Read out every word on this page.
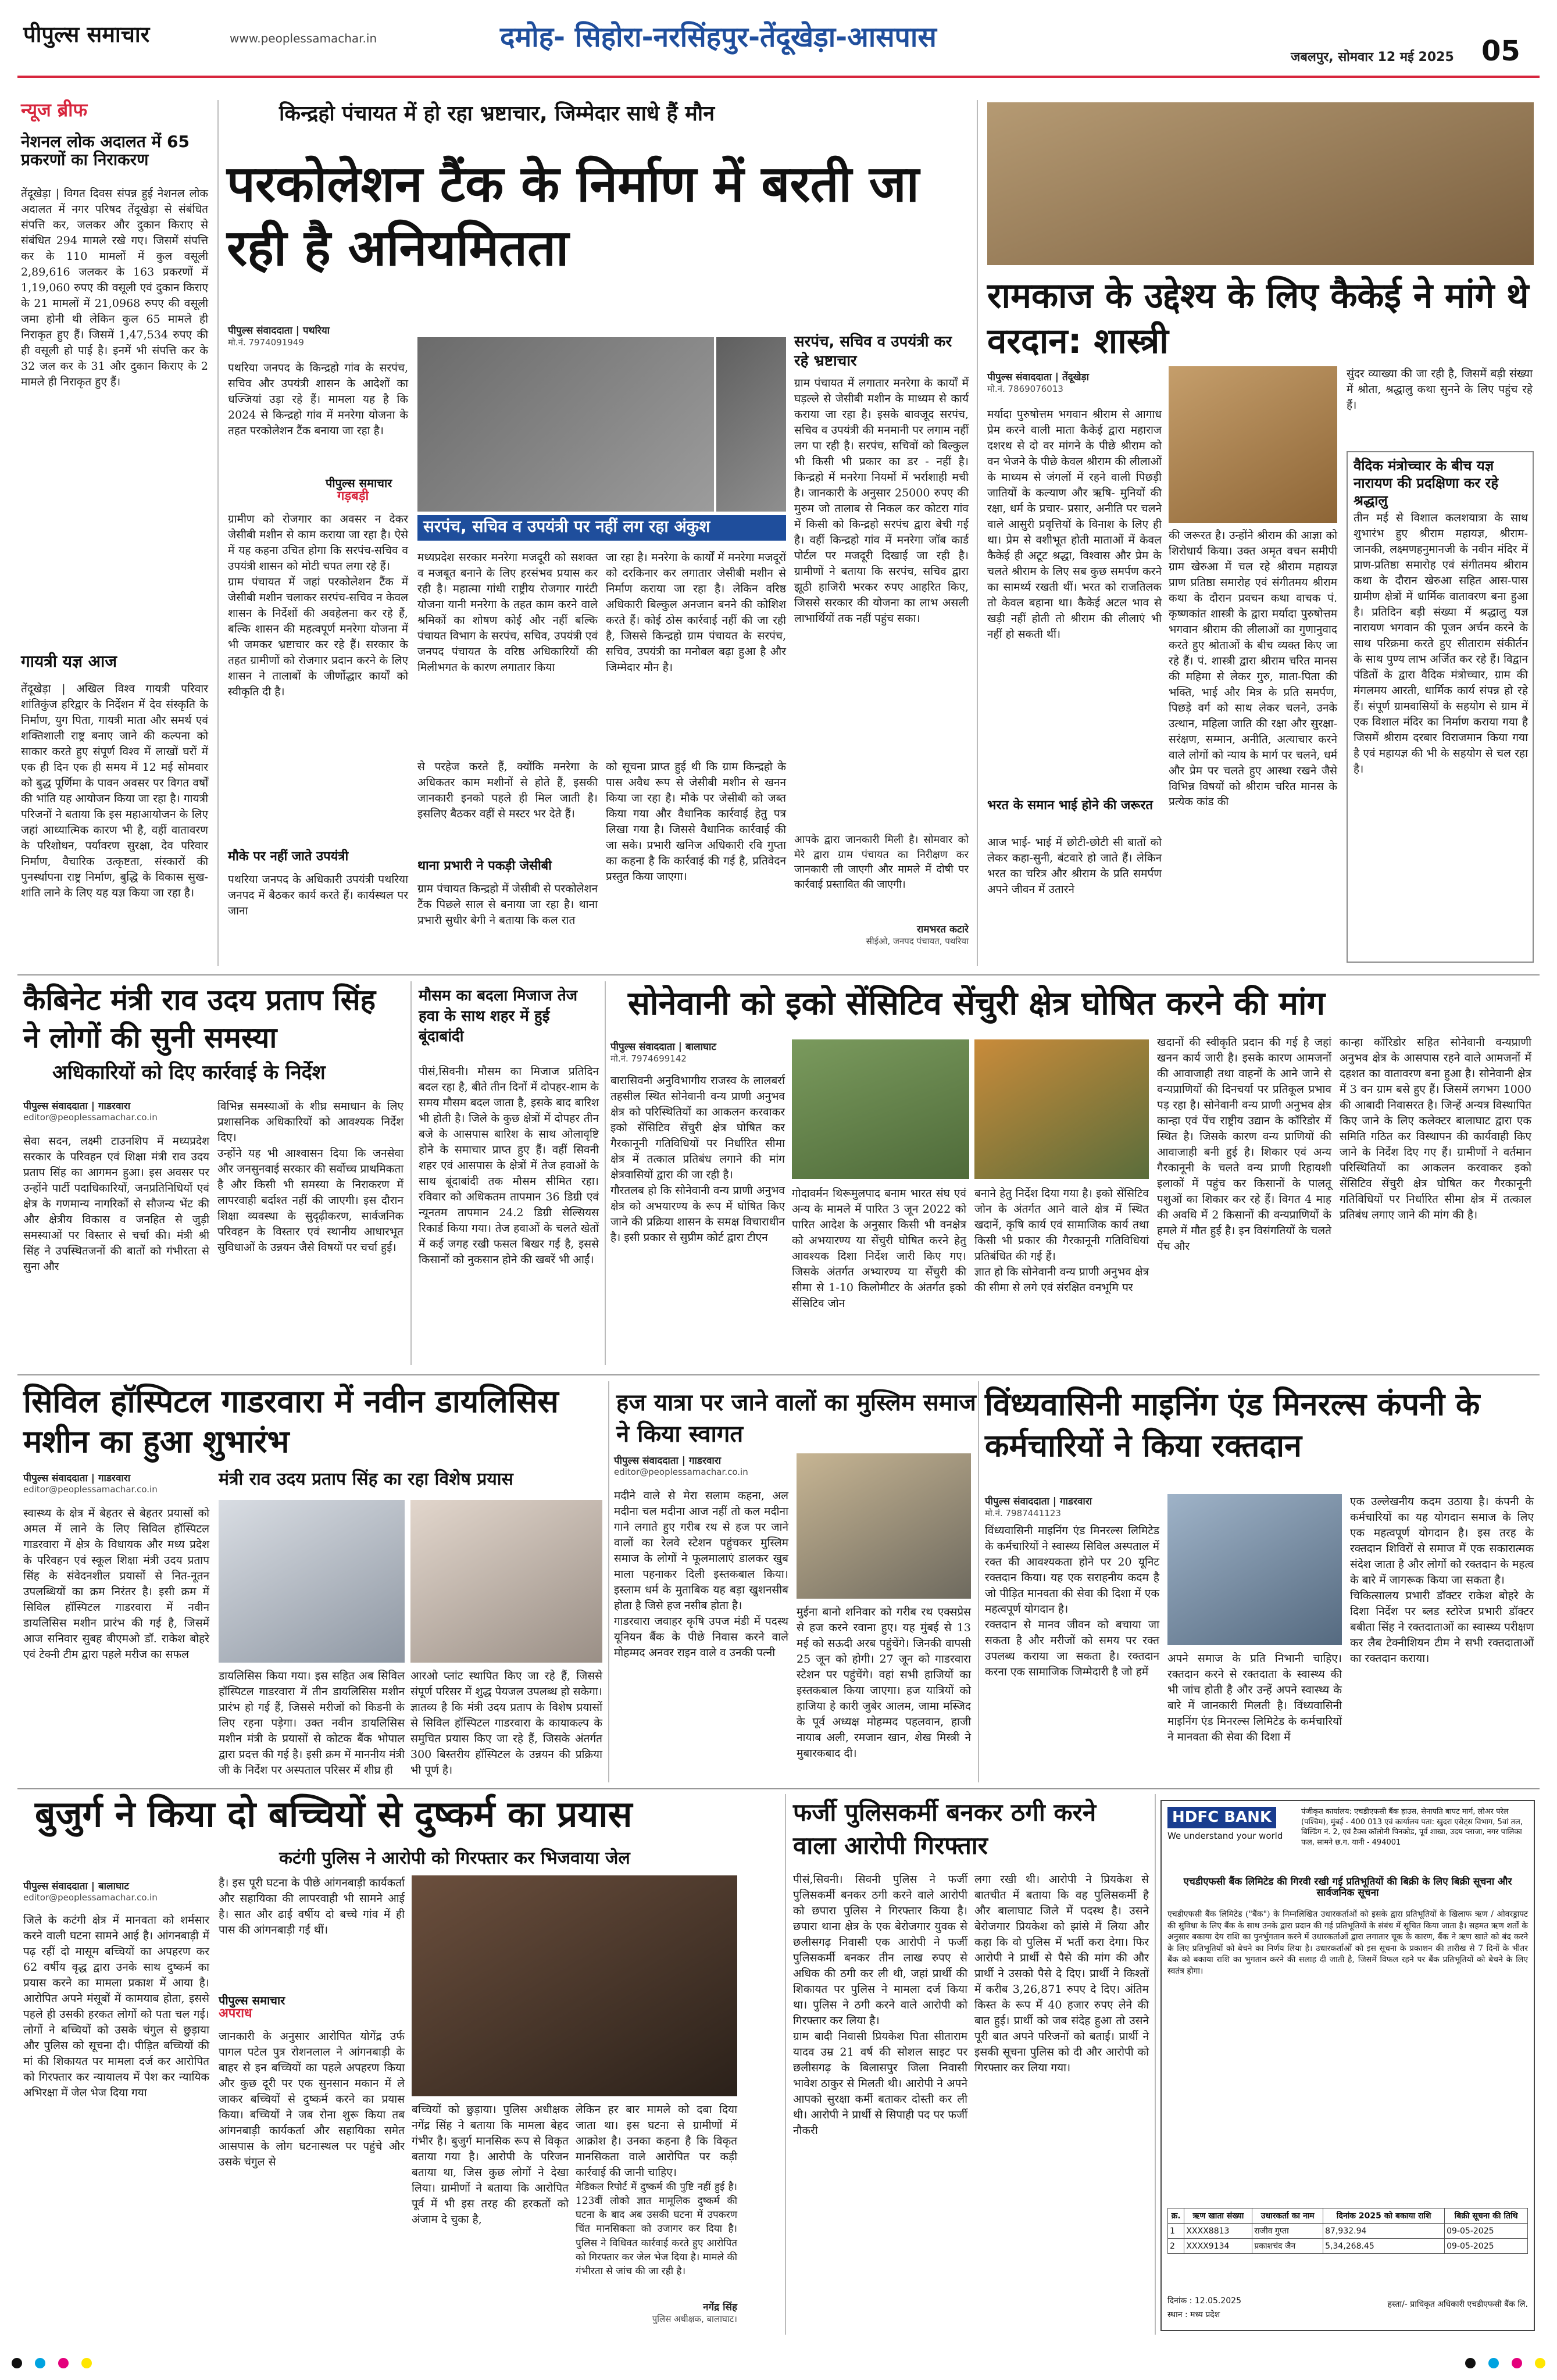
पीपुल्स समाचार	www.peoplessamachar.in	दमोह- सिहोरा-नरसिंहपुर-तेंदूखेड़ा-आसपास
जबलपुर, सोमवार 12 मई 2025 05
न्यूज ब्रीफ
नेशनल लोक अदालत में 65 प्रकरणों का निराकरण
तेंदूखेड़ा | विगत दिवस संपन्न हुई नेशनल लोक अदालत में नगर परिषद तेंदूखेड़ा से संबंधित संपत्ति कर, जलकर और दुकान किराए से संबंधित 294 मामले रखे गए। जिसमें संपत्ति कर के 110 मामलों में कुल वसूली 2,89,616 जलकर के 163 प्रकरणों में 1,19,060 रुपए की वसूली एवं दुकान किराए के 21 मामलों में 21,0968 रुपए की वसूली जमा होनी थी लेकिन कुल 65 मामले ही निराकृत हुए हैं। जिसमें 1,47,534 रुपए की ही वसूली हो पाई है। इनमें भी संपत्ति कर के 32 जल कर के 31 और दुकान किराए के 2 मामले ही निराकृत हुए हैं।
गायत्री यज्ञ आज
तेंदूखेड़ा | अखिल विश्व गायत्री परिवार शांतिकुंज हरिद्वार के निर्देशन में देव संस्कृति के निर्माण, युग पिता, गायत्री माता और समर्थ एवं शक्तिशाली राष्ट्र बनाए जाने की कल्पना को साकार करते हुए संपूर्ण विश्व में लाखों घरों में एक ही दिन एक ही समय में 12 मई सोमवार को बुद्ध पूर्णिमा के पावन अवसर पर विगत वर्षों की भांति यह आयोजन किया जा रहा है। गायत्री परिजनों ने बताया कि इस महाआयोजन के लिए जहां आध्यात्मिक कारण भी है, वहीं वातावरण के परिशोधन, पर्यावरण सुरक्षा, देव परिवार निर्माण, वैचारिक उत्कृष्टता, संस्कारों की पुनर्स्थापना राष्ट्र निर्माण, बुद्धि के विकास सुख- शांति लाने के लिए यह यज्ञ किया जा रहा है।
किन्द्रहो पंचायत में हो रहा भ्रष्टाचार, जिम्मेदार साधे हैं मौन
परकोलेशन टैंक के निर्माण में बरती जा रही है अनियमितता
पीपुल्स संवाददाता | पथरिया
मो.नं. 7974091949
पथरिया जनपद के किन्द्रहो गांव के सरपंच, सचिव और उपयंत्री शासन के आदेशों का धज्जियां उड़ा रहे हैं। मामला यह है कि 2024 से किन्द्रहो गांव में मनरेगा योजना के तहत परकोलेशन टैंक बनाया जा रहा है।
पीपुल्स समाचार
गड़बड़ी
ग्रामीण को रोजगार का अवसर न देकर जेसीबी मशीन से काम कराया जा रहा है। ऐसे में यह कहना उचित होगा कि सरपंच-सचिव व उपयंत्री शासन को मोटी चपत लगा रहे हैं।
ग्राम पंचायत में जहां परकोलेशन टैंक में जेसीबी मशीन चलाकर सरपंच-सचिव न केवल शासन के निर्देशों की अवहेलना कर रहे हैं, बल्कि शासन की महत्वपूर्ण मनरेगा योजना में भी जमकर भ्रष्टाचार कर रहे हैं। सरकार के तहत ग्रामीणों को रोजगार प्रदान करने के लिए शासन ने तालाबों के जीर्णोद्धार कार्यों को स्वीकृति दी है।
मौके पर नहीं जाते उपयंत्री
पथरिया जनपद के अधिकारी उपयंत्री पथरिया जनपद में बैठकर कार्य करते हैं। कार्यस्थल पर जाना
सरपंच, सचिव व उपयंत्री पर नहीं लग रहा अंकुश
मध्यप्रदेश सरकार मनरेगा मजदूरी को सशक्त व मजबूत बनाने के लिए हरसंभव प्रयास कर रही है। महात्मा गांधी राष्ट्रीय रोजगार गारंटी योजना यानी मनरेगा के तहत काम करने वाले श्रमिकों का शोषण कोई और नहीं बल्कि पंचायत विभाग के सरपंच, सचिव, उपयंत्री एवं जनपद पंचायत के वरिष्ठ अधिकारियों की मिलीभगत के कारण लगातार किया
जा रहा है। मनरेगा के कार्यों में मनरेगा मजदूरों को दरकिनार कर लगातार जेसीबी मशीन से निर्माण कराया जा रहा है। लेकिन वरिष्ठ अधिकारी बिल्कुल अनजान बनने की कोशिश करते हैं। कोई ठोस कार्रवाई नहीं की जा रही है, जिससे किन्द्रहो ग्राम पंचायत के सरपंच, सचिव, उपयंत्री का मनोबल बढ़ा हुआ है और जिम्मेदार मौन है।
से परहेज करते हैं, क्योंकि मनरेगा के अधिकतर काम मशीनों से होते हैं, इसकी जानकारी इनको पहले ही मिल जाती है। इसलिए बैठकर वहीं से मस्टर भर देते हैं।
थाना प्रभारी ने पकड़ी जेसीबी
ग्राम पंचायत किन्द्रहो में जेसीबी से परकोलेशन टैंक पिछले साल से बनाया जा रहा है। थाना प्रभारी सुधीर बेगी ने बताया कि कल रात
को सूचना प्राप्त हुई थी कि ग्राम किन्द्रहो के पास अवैध रूप से जेसीबी मशीन से खनन किया जा रहा है। मौके पर जेसीबी को जब्त किया गया और वैधानिक कार्रवाई हेतु पत्र लिखा गया है। जिससे वैधानिक कार्रवाई की जा सके। प्रभारी खनिज अधिकारी रवि गुप्ता का कहना है कि कार्रवाई की गई है, प्रतिवेदन प्रस्तुत किया जाएगा।
सरपंच, सचिव व उपयंत्री कर रहे भ्रष्टाचार
ग्राम पंचायत में लगातार मनरेगा के कार्यों में घड़ल्ले से जेसीबी मशीन के माध्यम से कार्य कराया जा रहा है। इसके बावजूद सरपंच, सचिव व उपयंत्री की मनमानी पर लगाम नहीं लग पा रही है। सरपंच, सचिवों को बिल्कुल भी किसी भी प्रकार का डर - नहीं है। किन्द्रहो में मनरेगा नियमों में भर्राशाही मची है। जानकारी के अनुसार 25000 रुपए की मुरुम जो तालाब से निकल कर कोटरा गांव में किसी को किन्द्रहो सरपंच द्वारा बेची गई है। वहीं किन्द्रहो गांव में मनरेगा जॉब कार्ड पोर्टल पर मजदूरी दिखाई जा रही है। ग्रामीणों ने बताया कि सरपंच, सचिव द्वारा झूठी हाजिरी भरकर रुपए आहरित किए, जिससे सरकार की योजना का लाभ असली लाभार्थियों तक नहीं पहुंच सका।
आपके द्वारा जानकारी मिली है। सोमवार को मेरे द्वारा ग्राम पंचायत का निरीक्षण कर जानकारी ली जाएगी और मामले में दोषी पर कार्रवाई प्रस्तावित की जाएगी।
रामभरत कटारे
सीईओ, जनपद पंचायत, पथरिया
रामकाज के उद्देश्य के लिए कैकेई ने मांगे थे वरदान: शास्त्री
पीपुल्स संवाददाता | तेंदूखेड़ा
मो.नं. 7869076013
मर्यादा पुरुषोत्तम भगवान श्रीराम से आगाध प्रेम करने वाली माता कैकेई द्वारा महाराज दशरथ से दो वर मांगने के पीछे श्रीराम को वन भेजने के पीछे केवल श्रीराम की लीलाओं के माध्यम से जंगलों में रहने वाली पिछड़ी जातियों के कल्याण और ऋषि- मुनियों की रक्षा, धर्म के प्रचार- प्रसार, अनीति पर चलने वाले आसुरी प्रवृत्तियों के विनाश के लिए ही था। प्रेम से वशीभूत होती माताओं में केवल कैकेई ही अटूट श्रद्धा, विश्वास और प्रेम के चलते श्रीराम के लिए सब कुछ समर्पण करने का सामर्थ्य रखती थीं। भरत को राजतिलक तो केवल बहाना था। कैकेई अटल भाव से खड़ी नहीं होती तो श्रीराम की लीलाएं भी नहीं हो सकती थीं।
भरत के समान भाई होने की जरूरत
आज भाई- भाई में छोटी-छोटी सी बातों को लेकर कहा-सुनी, बंटवारे हो जाते हैं। लेकिन भरत का चरित्र और श्रीराम के प्रति समर्पण अपने जीवन में उतारने
की जरूरत है। उन्होंने श्रीराम की आज्ञा को शिरोधार्य किया। उक्त अमृत वचन समीपी ग्राम खेरुआ में चल रहे श्रीराम महायज्ञ प्राण प्रतिष्ठा समारोह एवं संगीतमय श्रीराम कथा के दौरान प्रवचन कथा वाचक पं. कृष्णकांत शास्त्री के द्वारा मर्यादा पुरुषोत्तम भगवान श्रीराम की लीलाओं का गुणानुवाद करते हुए श्रोताओं के बीच व्यक्त किए जा रहे हैं। पं. शास्त्री द्वारा श्रीराम चरित मानस की महिमा से लेकर गुरु, माता-पिता की भक्ति, भाई और मित्र के प्रति समर्पण, पिछड़े वर्ग को साथ लेकर चलने, उनके उत्थान, महिला जाति की रक्षा और सुरक्षा- सरंक्षण, सम्मान, अनीति, अत्याचार करने वाले लोगों को न्याय के मार्ग पर चलने, धर्म और प्रेम पर चलते हुए आस्था रखने जैसे विभिन्न विषयों को श्रीराम चरित मानस के प्रत्येक कांड की
सुंदर व्याख्या की जा रही है, जिसमें बड़ी संख्या में श्रोता, श्रद्धालु कथा सुनने के लिए पहुंच रहे हैं।
वैदिक मंत्रोच्चार के बीच यज्ञ नारायण की प्रदक्षिणा कर रहे श्रद्धालु
तीन मई से विशाल कलशयात्रा के साथ शुभारंभ हुए श्रीराम महायज्ञ, श्रीराम- जानकी, लक्ष्मणहनुमानजी के नवीन मंदिर में प्राण-प्रतिष्ठा समारोह एवं संगीतमय श्रीराम कथा के दौरान खेरुआ सहित आस-पास ग्रामीण क्षेत्रों में धार्मिक वातावरण बना हुआ है। प्रतिदिन बड़ी संख्या में श्रद्धालु यज्ञ नारायण भगवान की पूजन अर्चन करने के साथ परिक्रमा करते हुए सीताराम संकीर्तन के साथ पुण्य लाभ अर्जित कर रहे हैं। विद्वान पंडितों के द्वारा वैदिक मंत्रोच्चार, ग्राम की मंगलमय आरती, धार्मिक कार्य संपन्न हो रहे हैं। संपूर्ण ग्रामवासियों के सहयोग से ग्राम में एक विशाल मंदिर का निर्माण कराया गया है जिसमें श्रीराम दरबार विराजमान किया गया है एवं महायज्ञ की भी के सहयोग से चल रहा है।
कैबिनेट मंत्री राव उदय प्रताप सिंह ने लोगों की सुनी समस्या
अधिकारियों को दिए कार्रवाई के निर्देश
पीपुल्स संवाददाता | गाडरवारा
editor@peoplessamachar.co.in
सेवा सदन, लक्ष्मी टाउनशिप में मध्यप्रदेश सरकार के परिवहन एवं शिक्षा मंत्री राव उदय प्रताप सिंह का आगमन हुआ। इस अवसर पर उन्होंने पार्टी पदाधिकारियों, जनप्रतिनिधियों एवं क्षेत्र के गणमान्य नागरिकों से सौजन्य भेंट की और क्षेत्रीय विकास व जनहित से जुड़ी समस्याओं पर विस्तार से चर्चा की। मंत्री श्री सिंह ने उपस्थितजनों की बातों को गंभीरता से सुना और
विभिन्न समस्याओं के शीघ्र समाधान के लिए प्रशासनिक अधिकारियों को आवश्यक निर्देश दिए।
उन्होंने यह भी आश्वासन दिया कि जनसेवा और जनसुनवाई सरकार की सर्वोच्च प्राथमिकता है और किसी भी समस्या के निराकरण में लापरवाही बर्दाश्त नहीं की जाएगी। इस दौरान शिक्षा व्यवस्था के सुदृढ़ीकरण, सार्वजनिक परिवहन के विस्तार एवं स्थानीय आधारभूत सुविधाओं के उन्नयन जैसे विषयों पर चर्चा हुई।
मौसम का बदला मिजाज तेज हवा के साथ शहर में हुई बूंदाबांदी
पीसं,सिवनी। मौसम का मिजाज प्रतिदिन बदल रहा है, बीते तीन दिनों में दोपहर-शाम के समय मौसम बदल जाता है, इसके बाद बारिश भी होती है। जिले के कुछ क्षेत्रों में दोपहर तीन बजे के आसपास बारिश के साथ ओलावृष्टि होने के समाचार प्राप्त हुए हैं। वहीं सिवनी शहर एवं आसपास के क्षेत्रों में तेज हवाओं के साथ बूंदाबांदी तक मौसम सीमित रहा। रविवार को अधिकतम तापमान 36 डिग्री एवं न्यूनतम तापमान 24.2 डिग्री सेल्सियस रिकार्ड किया गया। तेज हवाओं के चलते खेतों में कई जगह रखी फसल बिखर गई है, इससे किसानों को नुकसान होने की खबरें भी आईं।
सोनेवानी को इको सेंसिटिव सेंचुरी क्षेत्र घोषित करने की मांग
पीपुल्स संवाददाता | बालाघाट
मो.नं. 7974699142
बारासिवनी अनुविभागीय राजस्व के लालबर्रा तहसील स्थित सोनेवानी वन्य प्राणी अनुभव क्षेत्र को परिस्थितियों का आकलन करवाकर इको सेंसिटिव सेंचुरी क्षेत्र घोषित कर गैरकानूनी गतिविधियों पर निर्धारित सीमा क्षेत्र में तत्काल प्रतिबंध लगाने की मांग क्षेत्रवासियों द्वारा की जा रही है।
गौरतलब हो कि सोनेवानी वन्य प्राणी अनुभव क्षेत्र को अभयारण्य के रूप में घोषित किए जाने की प्रक्रिया शासन के समक्ष विचाराधीन है। इसी प्रकार से सुप्रीम कोर्ट द्वारा टीएन
गोदावर्मन थिरूमुलपाद बनाम भारत संघ एवं अन्य के मामले में पारित 3 जून 2022 को पारित आदेश के अनुसार किसी भी वनक्षेत्र को अभयारण्य या सेंचुरी घोषित करने हेतु आवश्यक दिशा निर्देश जारी किए गए। जिसके अंतर्गत अभ्यारण्य या सेंचुरी की सीमा से 1-10 किलोमीटर के अंतर्गत इको सेंसिटिव जोन
बनाने हेतु निर्देश दिया गया है। इको सेंसिटिव जोन के अंतर्गत आने वाले क्षेत्र में स्थित खदानें, कृषि कार्य एवं सामाजिक कार्य तथा किसी भी प्रकार की गैरकानूनी गतिविधियां प्रतिबंधित की गई हैं।
ज्ञात हो कि सोनेवानी वन्य प्राणी अनुभव क्षेत्र की सीमा से लगे एवं संरक्षित वनभूमि पर
खदानों की स्वीकृति प्रदान की गई है जहां खनन कार्य जारी है। इसके कारण आमजनों की आवाजाही तथा वाहनों के आने जाने से वन्यप्राणियों की दिनचर्या पर प्रतिकूल प्रभाव पड़ रहा है। सोनेवानी वन्य प्राणी अनुभव क्षेत्र कान्हा एवं पेंच राष्ट्रीय उद्यान के कॉरिडोर में स्थित है। जिसके कारण वन्य प्राणियों की आवाजाही बनी हुई है। शिकार एवं अन्य गैरकानूनी के चलते वन्य प्राणी रिहायशी इलाकों में पहुंच कर किसानों के पालतू पशुओं का शिकार कर रहे हैं। विगत 4 माह की अवधि में 2 किसानों की वन्यप्राणियों के हमले में मौत हुई है। इन विसंगतियों के चलते पेंच और
कान्हा कॉरिडोर सहित सोनेवानी वन्यप्राणी अनुभव क्षेत्र के आसपास रहने वाले आमजनों में दहशत का वातावरण बना हुआ है। सोनेवानी क्षेत्र में 3 वन ग्राम बसे हुए हैं। जिसमें लगभग 1000 की आबादी निवासरत है। जिन्हें अन्यत्र विस्थापित किए जाने के लिए कलेक्टर बालाघाट द्वारा एक समिति गठित कर विस्थापन की कार्यवाही किए जाने के निर्देश दिए गए हैं। ग्रामीणों ने वर्तमान परिस्थितियों का आकलन करवाकर इको सेंसिटिव सेंचुरी क्षेत्र घोषित कर गैरकानूनी गतिविधियों पर निर्धारित सीमा क्षेत्र में तत्काल प्रतिबंध लगाए जाने की मांग की है।
सिविल हॉस्पिटल गाडरवारा में नवीन डायलिसिस मशीन का हुआ शुभारंभ
मंत्री राव उदय प्रताप सिंह का रहा विशेष प्रयास
पीपुल्स संवाददाता | गाडरवारा
editor@peoplessamachar.co.in
स्वास्थ्य के क्षेत्र में बेहतर से बेहतर प्रयासों को अमल में लाने के लिए सिविल हॉस्पिटल गाडरवारा में क्षेत्र के विधायक और मध्य प्रदेश के परिवहन एवं स्कूल शिक्षा मंत्री उदय प्रताप सिंह के संवेदनशील प्रयासों से नित-नूतन उपलब्धियों का क्रम निरंतर है। इसी क्रम में सिविल हॉस्पिटल गाडरवारा में नवीन डायलिसिस मशीन प्रारंभ की गई है, जिसमें आज सनिवार सुबह बीएमओ डॉ. राकेश बोहरे एवं टेक्नी टीम द्वारा पहले मरीज का सफल
डायलिसिस किया गया। इस सहित अब सिविल हॉस्पिटल गाडरवारा में तीन डायलिसिस मशीन प्रारंभ हो गई हैं, जिससे मरीजों को किडनी के लिए रहना पड़ेगा। उक्त नवीन डायलिसिस मशीन मंत्री के प्रयासों से कोटक बैंक भोपाल द्वारा प्रदत्त की गई है। इसी क्रम में माननीय मंत्री जी के निर्देश पर अस्पताल परिसर में शीघ्र ही
आरओ प्लांट स्थापित किए जा रहे हैं, जिससे संपूर्ण परिसर में शुद्ध पेयजल उपलब्ध हो सकेगा। ज्ञातव्य है कि मंत्री उदय प्रताप के विशेष प्रयासों से सिविल हॉस्पिटल गाडरवारा के कायाकल्प के समुचित प्रयास किए जा रहे हैं, जिसके अंतर्गत 300 बिस्तरीय हॉस्पिटल के उन्नयन की प्रक्रिया भी पूर्ण है।
हज यात्रा पर जाने वालों का मुस्लिम समाज ने किया स्वागत
पीपुल्स संवाददाता | गाडरवारा
editor@peoplessamachar.co.in
मदीने वाले से मेरा सलाम कहना, अल मदीना चल मदीना आज नहीं तो कल मदीना गाने लगाते हुए गरीब रथ से हज पर जाने वालों का रेलवे स्टेशन पहुंचकर मुस्लिम समाज के लोगों ने फूलमालाएं डालकर खुब माला पहनाकर दिली इस्तकबाल किया। इस्लाम धर्म के मुताबिक यह बड़ा खुशनसीब होता है जिसे हज नसीब होता है।
गाडरवारा जवाहर कृषि उपज मंडी में पदस्थ यूनियन बैंक के पीछे निवास करने वाले मोहम्मद अनवर राइन वाले व उनकी पत्नी
मुईना बानो शनिवार को गरीब रथ एक्सप्रेस से हज करने रवाना हुए। यह मुंबई से 13 मई को सऊदी अरब पहुंचेंगे। जिनकी वापसी 25 जून को होगी। 27 जून को गाडरवारा स्टेशन पर पहुंचेंगे। वहां सभी हाजियों का इस्तकबाल किया जाएगा। हज यात्रियों को हाजिया हे कारी जुबेर आलम, जामा मस्जिद के पूर्व अध्यक्ष मोहम्मद पहलवान, हाजी नायाब अली, रमजान खान, शेख मिस्त्री ने मुबारकबाद दी।
विंध्यवासिनी माइनिंग एंड मिनरल्स कंपनी के कर्मचारियों ने किया रक्तदान
पीपुल्स संवाददाता | गाडरवारा
मो.नं. 7987441123
विंध्यवासिनी माइनिंग एंड मिनरल्स लिमिटेड के कर्मचारियों ने स्वास्थ्य सिविल अस्पताल में रक्त की आवश्यकता होने पर 20 यूनिट रक्तदान किया। यह एक सराहनीय कदम है जो पीड़ित मानवता की सेवा की दिशा में एक महत्वपूर्ण योगदान है।
रक्तदान से मानव जीवन को बचाया जा सकता है और मरीजों को समय पर रक्त उपलब्ध कराया जा सकता है। रक्तदान करना एक सामाजिक जिम्मेदारी है जो हमें
अपने समाज के प्रति निभानी चाहिए। रक्तदान करने से रक्तदाता के स्वास्थ्य की भी जांच होती है और उन्हें अपने स्वास्थ्य के बारे में जानकारी मिलती है। विंध्यवासिनी माइनिंग एंड मिनरल्स लिमिटेड के कर्मचारियों ने मानवता की सेवा की दिशा में
एक उल्लेखनीय कदम उठाया है। कंपनी के कर्मचारियों का यह योगदान समाज के लिए एक महत्वपूर्ण योगदान है। इस तरह के रक्तदान शिविरों से समाज में एक सकारात्मक संदेश जाता है और लोगों को रक्तदान के महत्व के बारे में जागरूक किया जा सकता है।
चिकित्सालय प्रभारी डॉक्टर राकेश बोहरे के दिशा निर्देश पर ब्लड स्टोरेज प्रभारी डॉक्टर बबीता सिंह ने रक्तदाताओं का स्वास्थ्य परीक्षण कर लैब टेक्नीशियन टीम ने सभी रक्तदाताओं का रक्तदान कराया।
बुजुर्ग ने किया दो बच्चियों से दुष्कर्म का प्रयास
कटंगी पुलिस ने आरोपी को गिरफ्तार कर भिजवाया जेल
पीपुल्स संवाददाता | बालाघाट
editor@peoplessamachar.co.in
जिले के कटंगी क्षेत्र में मानवता को शर्मसार करने वाली घटना सामने आई है। आंगनबाड़ी में पढ़ रहीं दो मासूम बच्चियों का अपहरण कर 62 वर्षीय वृद्ध द्वारा उनके साथ दुष्कर्म का प्रयास करने का मामला प्रकाश में आया है। आरोपित अपने मंसूबों में कामयाब होता, इससे पहले ही उसकी हरकत लोगों को पता चल गई। लोगों ने बच्चियों को उसके चंगुल से छुड़ाया और पुलिस को सूचना दी। पीड़ित बच्चियों की मां की शिकायत पर मामला दर्ज कर आरोपित को गिरफ्तार कर न्यायालय में पेश कर न्यायिक अभिरक्षा में जेल भेज दिया गया
है। इस पूरी घटना के पीछे आंगनबाड़ी कार्यकर्ता और सहायिका की लापरवाही भी सामने आई है। सात और ढाई वर्षीय दो बच्चे गांव में ही पास की आंगनबाड़ी गई थीं।
पीपुल्स समाचार
अपराध
जानकारी के अनुसार आरोपित योगेंद्र उर्फ पागल पटेल पुत्र रोशनलाल ने आंगनबाड़ी के बाहर से इन बच्चियों का पहले अपहरण किया और कुछ दूरी पर एक सुनसान मकान में ले जाकर बच्चियों से दुष्कर्म करने का प्रयास किया। बच्चियों ने जब रोना शुरू किया तब आंगनबाड़ी कार्यकर्ता और सहायिका समेत आसपास के लोग घटनास्थल पर पहुंचे और उसके चंगुल से
बच्चियों को छुड़ाया। पुलिस अधीक्षक नगेंद्र सिंह ने बताया कि मामला बेहद गंभीर है। बुजुर्ग मानसिक रूप से विकृत बताया गया है। आरोपी के परिजन बताया था, जिस कुछ लोगों ने देखा लिया। ग्रामीणों ने बताया कि आरोपित पूर्व में भी इस तरह की हरकतों को अंजाम दे चुका है,
लेकिन हर बार मामले को दबा दिया जाता था। इस घटना से ग्रामीणों में आक्रोश है। उनका कहना है कि विकृत मानसिकता वाले आरोपित पर कड़ी कार्रवाई की जानी चाहिए।
मेडिकल रिपोर्ट में दुष्कर्म की पुष्टि नहीं हुई है। 123वीं लोको ज्ञात मामूलिक दुष्कर्म की घटना के बाद अब उसकी घटना में उपकरण चिंत मानसिकता को उजागर कर दिया है। पुलिस ने विधिवत कार्रवाई करते हुए आरोपित को गिरफ्तार कर जेल भेज दिया है। मामले की गंभीरता से जांच की जा रही है।
नगेंद्र सिंह
पुलिस अधीक्षक, बालाघाट।
फर्जी पुलिसकर्मी बनकर ठगी करने वाला आरोपी गिरफ्तार
पीसं,सिवनी। सिवनी पुलिस ने फर्जी पुलिसकर्मी बनकर ठगी करने वाले आरोपी को छपारा पुलिस ने गिरफ्तार किया है। छपारा थाना क्षेत्र के एक बेरोजगार युवक से छलीसगढ़ निवासी एक आरोपी ने फर्जी पुलिसकर्मी बनकर तीन लाख रुपए से अधिक की ठगी कर ली थी, जहां प्रार्थी की शिकायत पर पुलिस ने मामला दर्ज किया था। पुलिस ने ठगी करने वाले आरोपी को गिरफ्तार कर लिया है।
ग्राम बादी निवासी प्रियकेश पिता सीताराम यादव उम्र 21 वर्ष की सोशल साइट पर छलीसगढ़ के बिलासपुर जिला निवासी भावेश ठाकुर से मिलती थी। आरोपी ने अपने आपको सुरक्षा कर्मी बताकर दोस्ती कर ली थी। आरोपी ने प्रार्थी से सिपाही पद पर फर्जी नौकरी
लगा रखी थी। आरोपी ने प्रियकेश से बातचीत में बताया कि वह पुलिसकर्मी है और बालाघाट जिले में पदस्थ है। उसने बेरोजगार प्रियकेश को झांसे में लिया और कहा कि वो पुलिस में भर्ती करा देगा। फिर आरोपी ने प्रार्थी से पैसे की मांग की और प्रार्थी ने उसको पैसे दे दिए। प्रार्थी ने किश्तों में करीब 3,26,871 रुपए दे दिए। अंतिम किस्त के रूप में 40 हजार रुपए लेने की बात हुई। प्रार्थी को जब संदेह हुआ तो उसने पूरी बात अपने परिजनों को बताई। प्रार्थी ने इसकी सूचना पुलिस को दी और आरोपी को गिरफ्तार कर लिया गया।
HDFC BANK
We understand your world
पंजीकृत कार्यालय: एचडीएफसी बैंक हाउस, सेनापति बापट मार्ग, लोअर परेल (पश्चिम), मुंबई - 400 013 एवं कार्यालय पता: खुदरा एसेट्स विभाग, 5वां तल, बिल्डिंग नं. 2, एवं टैक्स कॉलोनी पिनकोड, पूर्व शाखा, उदय प्लाजा, नगर पालिका फल, सामने छ.ग. यानी - 494001
एचडीएफसी बैंक लिमिटेड की गिरवी रखी गई प्रतिभूतियों की बिक्री के लिए बिक्री सूचना और सार्वजनिक सूचना
एचडीएफसी बैंक लिमिटेड ("बैंक") के निम्नलिखित उधारकर्ताओं को इसके द्वारा प्रतिभूतियों के खिलाफ ऋण / ओवरड्राफ्ट की सुविधा के लिए बैंक के साथ उनके द्वारा प्रदान की गई प्रतिभूतियों के संबंध में सूचित किया जाता है। सहमत ऋण शर्तों के अनुसार बकाया देय राशि का पुनर्भुगतान करने में उधारकर्ताओं द्वारा लगातार चूक के कारण, बैंक ने ऋण खाते को बंद करने के लिए प्रतिभूतियों को बेचने का निर्णय लिया है। उधारकर्ताओं को इस सूचना के प्रकाशन की तारीख से 7 दिनों के भीतर बैंक को बकाया राशि का भुगतान करने की सलाह दी जाती है, जिसमें विफल रहने पर बैंक प्रतिभूतियों को बेचने के लिए स्वतंत्र होगा।
क्र.	ऋण खाता संख्या	उधारकर्ता का नाम	दिनांक 2025 को बकाया राशि	बिक्री सूचना की तिथि
1	XXXX8813	राजीव गुप्ता	87,932.94	09-05-2025
2	XXXX9134	प्रकाशचंद जैन	5,34,268.45	09-05-2025
दिनांक : 12.05.2025
स्थान : मध्य प्रदेश
हस्ता/- प्राधिकृत अधिकारी एचडीएफसी बैंक लि.
